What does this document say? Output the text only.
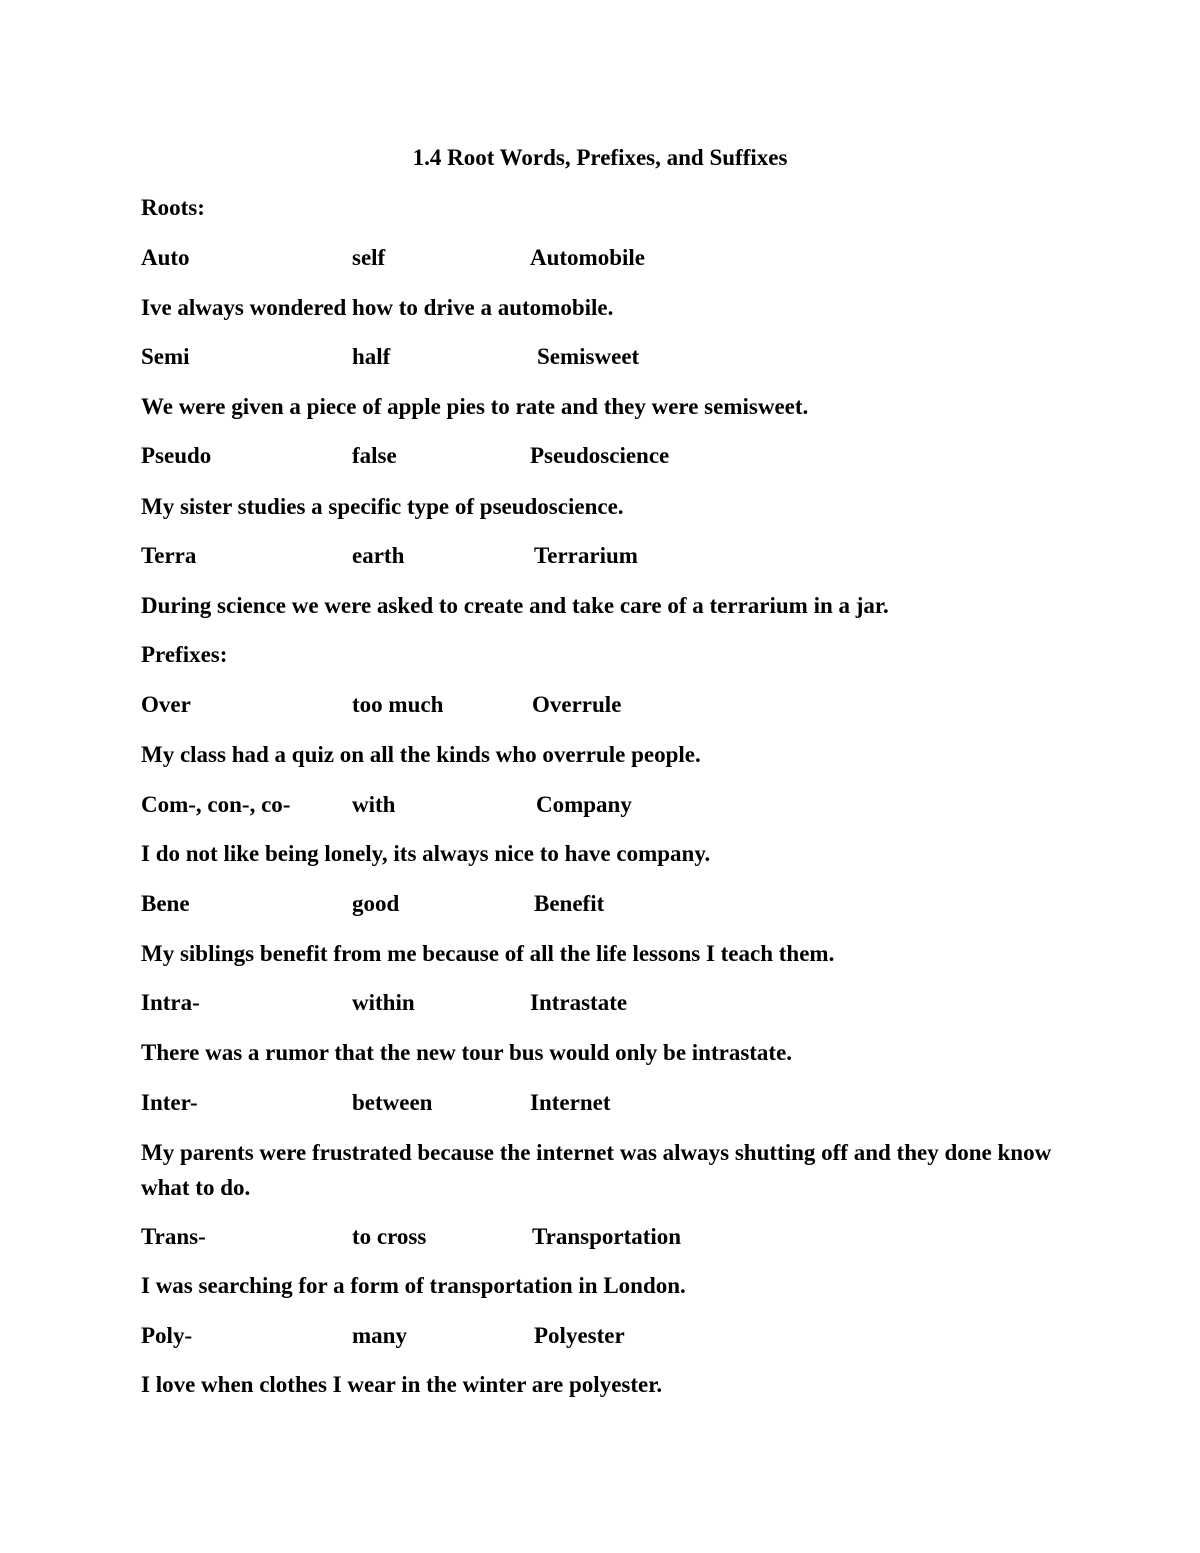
1.4 Root Words, Prefixes, and Suffixes
Roots:
Auto	self	Automobile
Ive always wondered how to drive a automobile.
Semi	half	Semisweet
We were given a piece of apple pies to rate and they were semisweet.
Pseudo	false	Pseudoscience
My sister studies a specific type of pseudoscience.
Terra	earth	Terrarium
During science we were asked to create and take care of a terrarium in a jar.
Prefixes:
Over	too much	Overrule
My class had a quiz on all the kinds who overrule people.
Com-, con-, co-	with	Company
I do not like being lonely, its always nice to have company.
Bene	good	Benefit
My siblings benefit from me because of all the life lessons I teach them.
Intra-	within	Intrastate
There was a rumor that the new tour bus would only be intrastate.
Inter-	between	Internet
My parents were frustrated because the internet was always shutting off and they done know what to do.
Trans-	to cross	Transportation
I was searching for a form of transportation in London.
Poly-	many	Polyester
I love when clothes I wear in the winter are polyester.
